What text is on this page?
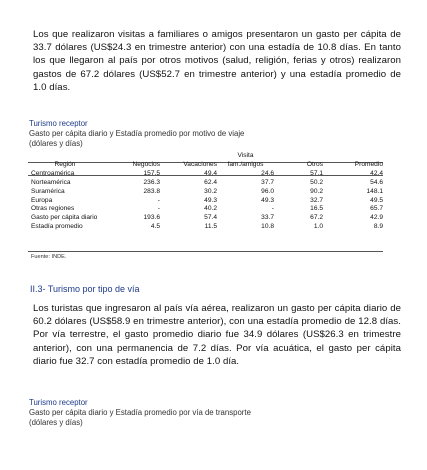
Los que realizaron visitas a familiares o amigos presentaron un gasto per cápita de 33.7 dólares (US$24.3 en trimestre anterior) con una estadía de 10.8 días. En tanto los que llegaron al país por otros motivos (salud, religión, ferias y otros) realizaron gastos de 67.2 dólares (US$52.7 en trimestre anterior) y una estadía promedio de 1.0 días.

Turismo receptor
Gasto per cápita diario y Estadía promedio por motivo de viaje
(dólares y días)
			Visita		
Región	Negocios	Vacaciones	fam./amigos	Otros	Promedio
Centroamérica	157.5	49.4	24.6	57.1	42.4
Norteamérica	236.3	62.4	37.7	50.2	54.6
Suramérica	283.8	30.2	96.0	90.2	148.1
Europa	-	49.3	49.3	32.7	49.5
Otras regiones	-	40.2	-	16.5	65.7
Gasto per cápita diario	193.6	57.4	33.7	67.2	42.9
Estadía promedio	4.5	11.5	10.8	1.0	8.9
Fuente: INDE.
II.3- Turismo por tipo de vía

Los turistas que ingresaron al país vía aérea, realizaron un gasto per cápita diario de 60.2 dólares (US$58.9 en trimestre anterior), con una estadía promedio de 12.8 días. Por vía terrestre, el gasto promedio diario fue 34.9 dólares (US$26.3 en trimestre anterior), con una permanencia de 7.2 días. Por vía acuática, el gasto per cápita diario fue 32.7 con estadía promedio de 1.0 día.

Turismo receptor
Gasto per cápita diario y Estadía promedio por vía de transporte
(dólares y días)
